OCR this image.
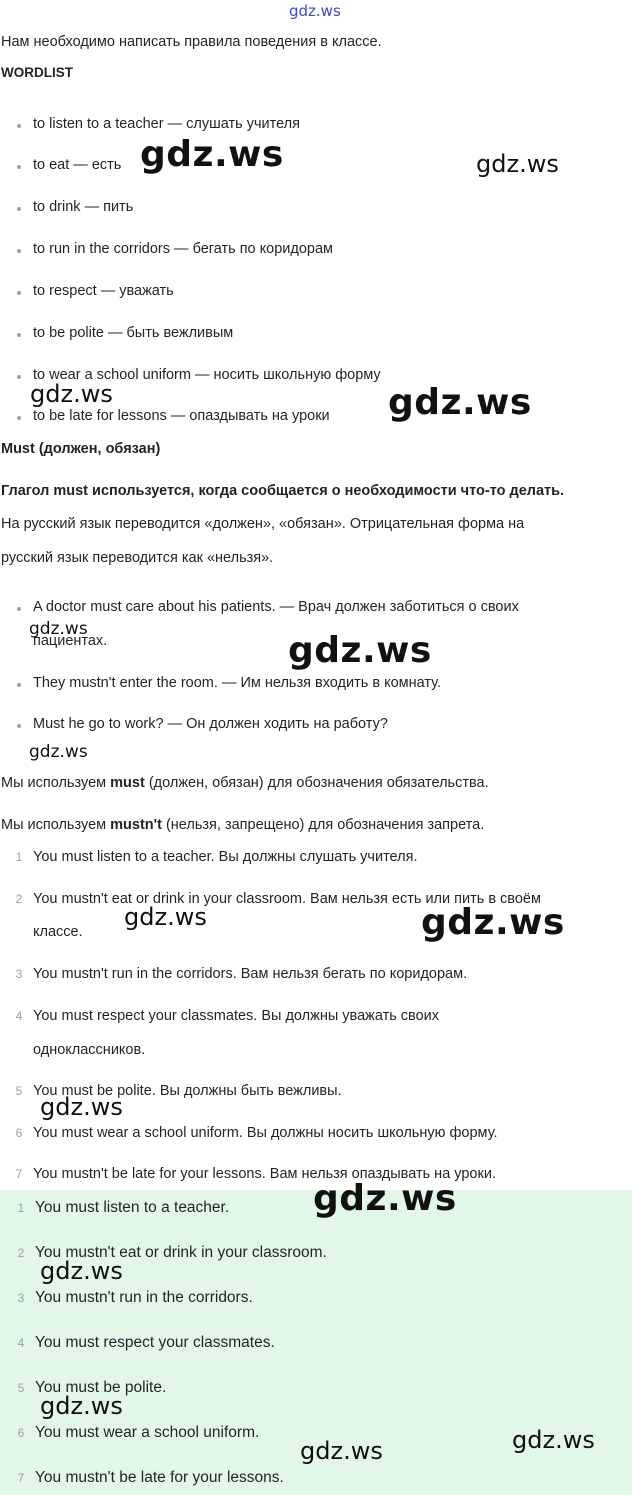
gdz.ws
Нам необходимо написать правила поведения в классе.
WORDLIST
to listen to a teacher — слушать учителя
to eat — есть
to drink — пить
to run in the corridors — бегать по коридорам
to respect — уважать
to be polite — быть вежливым
to wear a school uniform — носить школьную форму
to be late for lessons — опаздывать на уроки
Must (должен, обязан)
Глагол must используется, когда сообщается о необходимости что-то делать.
На русский язык переводится «должен», «обязан». Отрицательная форма на
русский язык переводится как «нельзя».
A doctor must care about his patients. — Врач должен заботиться о своих
пациентах.
They mustn't enter the room. — Им нельзя входить в комнату.
Must he go to work? — Он должен ходить на работу?
Мы используем must (должен, обязан) для обозначения обязательства.
Мы используем mustn't (нельзя, запрещено) для обозначения запрета.
1 You must listen to a teacher. Вы должны слушать учителя.
2 You mustn't eat or drink in your classroom. Вам нельзя есть или пить в своём
классе.
3 You mustn't run in the corridors. Вам нельзя бегать по коридорам.
4 You must respect your classmates. Вы должны уважать своих
одноклассников.
5 You must be polite. Вы должны быть вежливы.
6 You must wear a school uniform. Вы должны носить школьную форму.
7 You mustn't be late for your lessons. Вам нельзя опаздывать на уроки.
1 You must listen to a teacher.
2 You mustn't eat or drink in your classroom.
3 You mustn't run in the corridors.
4 You must respect your classmates.
5 You must be polite.
6 You must wear a school uniform.
7 You mustn't be late for your lessons.
gdz.ws	gdz.ws
gdz.ws	gdz.ws
gdz.ws
gdz.ws
gdz.ws
gdz.ws	gdz.ws
gdz.ws
gdz.ws
gdz.ws
gdz.ws
gdz.ws	gdz.ws
